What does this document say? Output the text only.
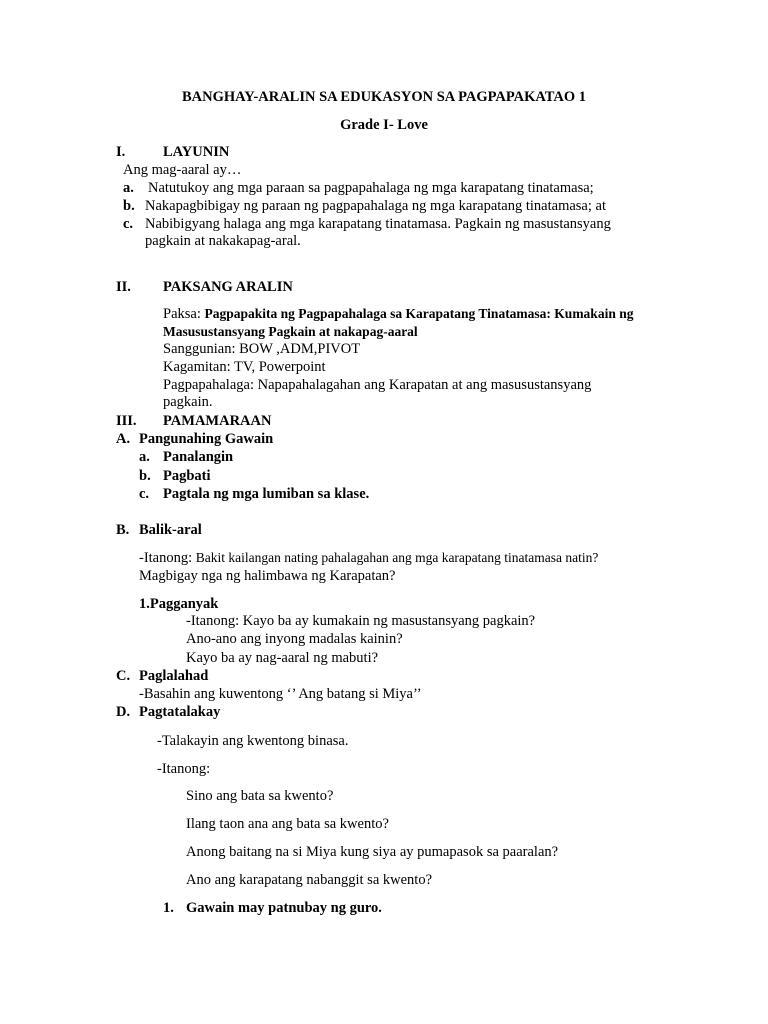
BANGHAY-ARALIN SA EDUKASYON SA PAGPAPAKATAO 1
Grade I- Love
I.	LAYUNIN
Ang mag-aaral ay…
a. Natutukoy ang mga paraan sa pagpapahalaga ng mga karapatang tinatamasa;
b. Nakapagbibigay ng paraan ng pagpapahalaga ng mga karapatang tinatamasa; at
c. Nabibigyang halaga ang mga karapatang tinatamasa. Pagkain ng masustansyang
pagkain at nakakapag-aral.
II. PAKSANG ARALIN
Paksa: Pagpapakita ng Pagpapahalaga sa Karapatang Tinatamasa: Kumakain ng
Masusustansyang Pagkain at nakapag-aaral
Sanggunian: BOW ,ADM,PIVOT
Kagamitan: TV, Powerpoint
Pagpapahalaga: Napapahalagahan ang Karapatan at ang masusustansyang
pagkain.
III. PAMAMARAAN
A. Pangunahing Gawain
a. Panalangin
b. Pagbati
c. Pagtala ng mga lumiban sa klase.
B. Balik-aral
-Itanong: Bakit kailangan nating pahalagahan ang mga karapatang tinatamasa natin?
Magbigay nga ng halimbawa ng Karapatan?
1.Pagganyak
-Itanong: Kayo ba ay kumakain ng masustansyang pagkain?
Ano-ano ang inyong madalas kainin?
Kayo ba ay nag-aaral ng mabuti?
C. Paglalahad
-Basahin ang kuwentong ‘’ Ang batang si Miya’’
D. Pagtatalakay
-Talakayin ang kwentong binasa.
-Itanong:
Sino ang bata sa kwento?
Ilang taon ana ang bata sa kwento?
Anong baitang na si Miya kung siya ay pumapasok sa paaralan?
Ano ang karapatang nabanggit sa kwento?
1. Gawain may patnubay ng guro.
